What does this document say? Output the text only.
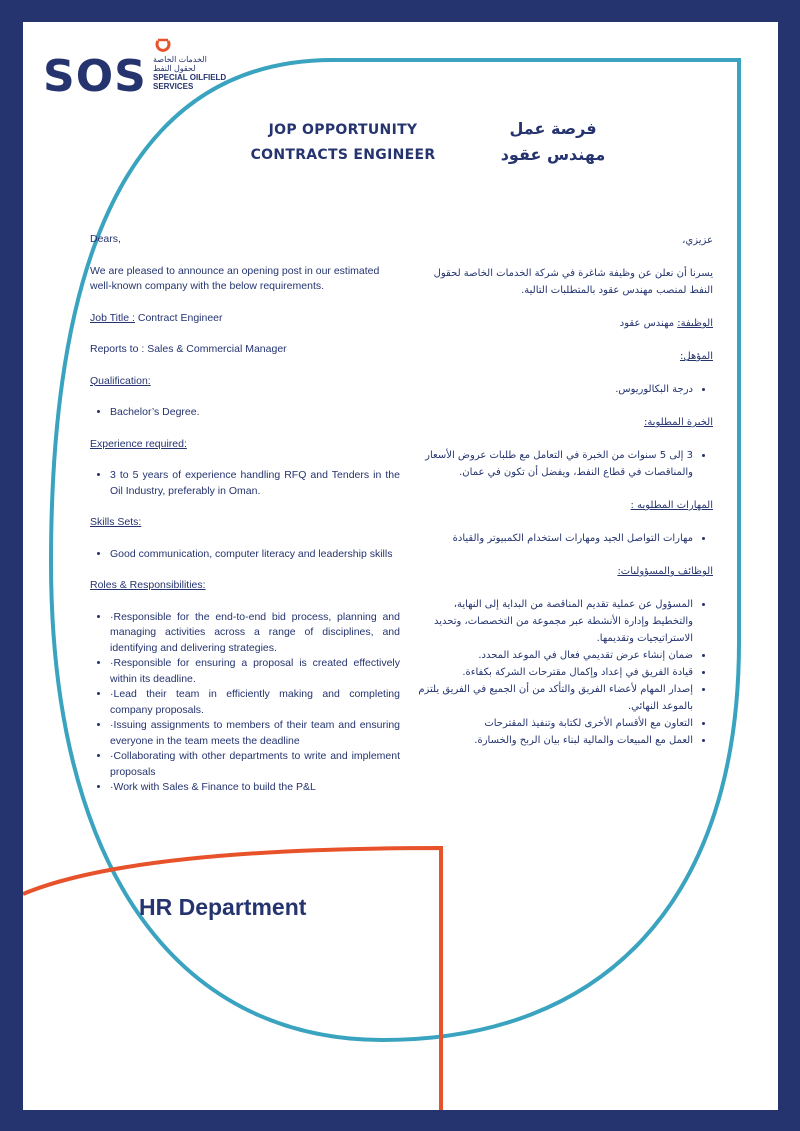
SOS الخدمات الخاصة
لحقول النفط
SPECIAL OILFIELD
SERVICES
JOP OPPORTUNITY
CONTRACTS ENGINEER
فرصة عمل
مهندس عقود

Dears,

We are pleased to announce an opening post in our estimated well-known company with the below requirements.

Job Title : Contract Engineer

Reports to : Sales & Commercial Manager

Qualification:

• Bachelor’s Degree.

Experience required:

• 3 to 5 years of experience handling RFQ and Tenders in the Oil Industry, preferably in Oman.

Skills Sets:

• Good communication, computer literacy and leadership skills

Roles & Responsibilities:

• ·Responsible for the end-to-end bid process, planning and managing activities across a range of disciplines, and identifying and delivering strategies.
• ·Responsible for ensuring a proposal is created effectively within its deadline.
• ·Lead their team in efficiently making and completing company proposals.
• ·Issuing assignments to members of their team and ensuring everyone in the team meets the deadline
• ·Collaborating with other departments to write and implement proposals
• ·Work with Sales & Finance to build the P&L

عزيزي،

يسرنا أن نعلن عن وظيفة شاغرة في شركة الخدمات الخاصة لحقول النفط لمنصب مهندس عقود بالمتطلبات التالية.

الوظيفة: مهندس عقود

المؤهل:

• درجة البكالوريوس.

الخبرة المطلوبة:

• 3 إلى 5 سنوات من الخبرة في التعامل مع طلبات عروض الأسعار والمناقصات في قطاع النفط، ويفضل أن تكون في عمان.

المهارات المطلوبه :

• مهارات التواصل الجيد ومهارات استخدام الكمبيوتر والقيادة

الوظائف والمسؤوليات:

• المسؤول عن عملية تقديم المناقصة من البداية إلى النهاية، والتخطيط وإدارة الأنشطة عبر مجموعة من التخصصات، وتحديد الاستراتيجيات وتقديمها.
• ضمان إنشاء عرض تقديمي فعال في الموعد المحدد.
• قيادة الفريق في إعداد وإكمال مقترحات الشركة بكفاءة.
• إصدار المهام لأعضاء الفريق والتأكد من أن الجميع في الفريق يلتزم بالموعد النهائي.
• التعاون مع الأقسام الأخرى لكتابة وتنفيذ المقترحات
• العمل مع المبيعات والمالية لبناء بيان الربح والخسارة.
HR Department
